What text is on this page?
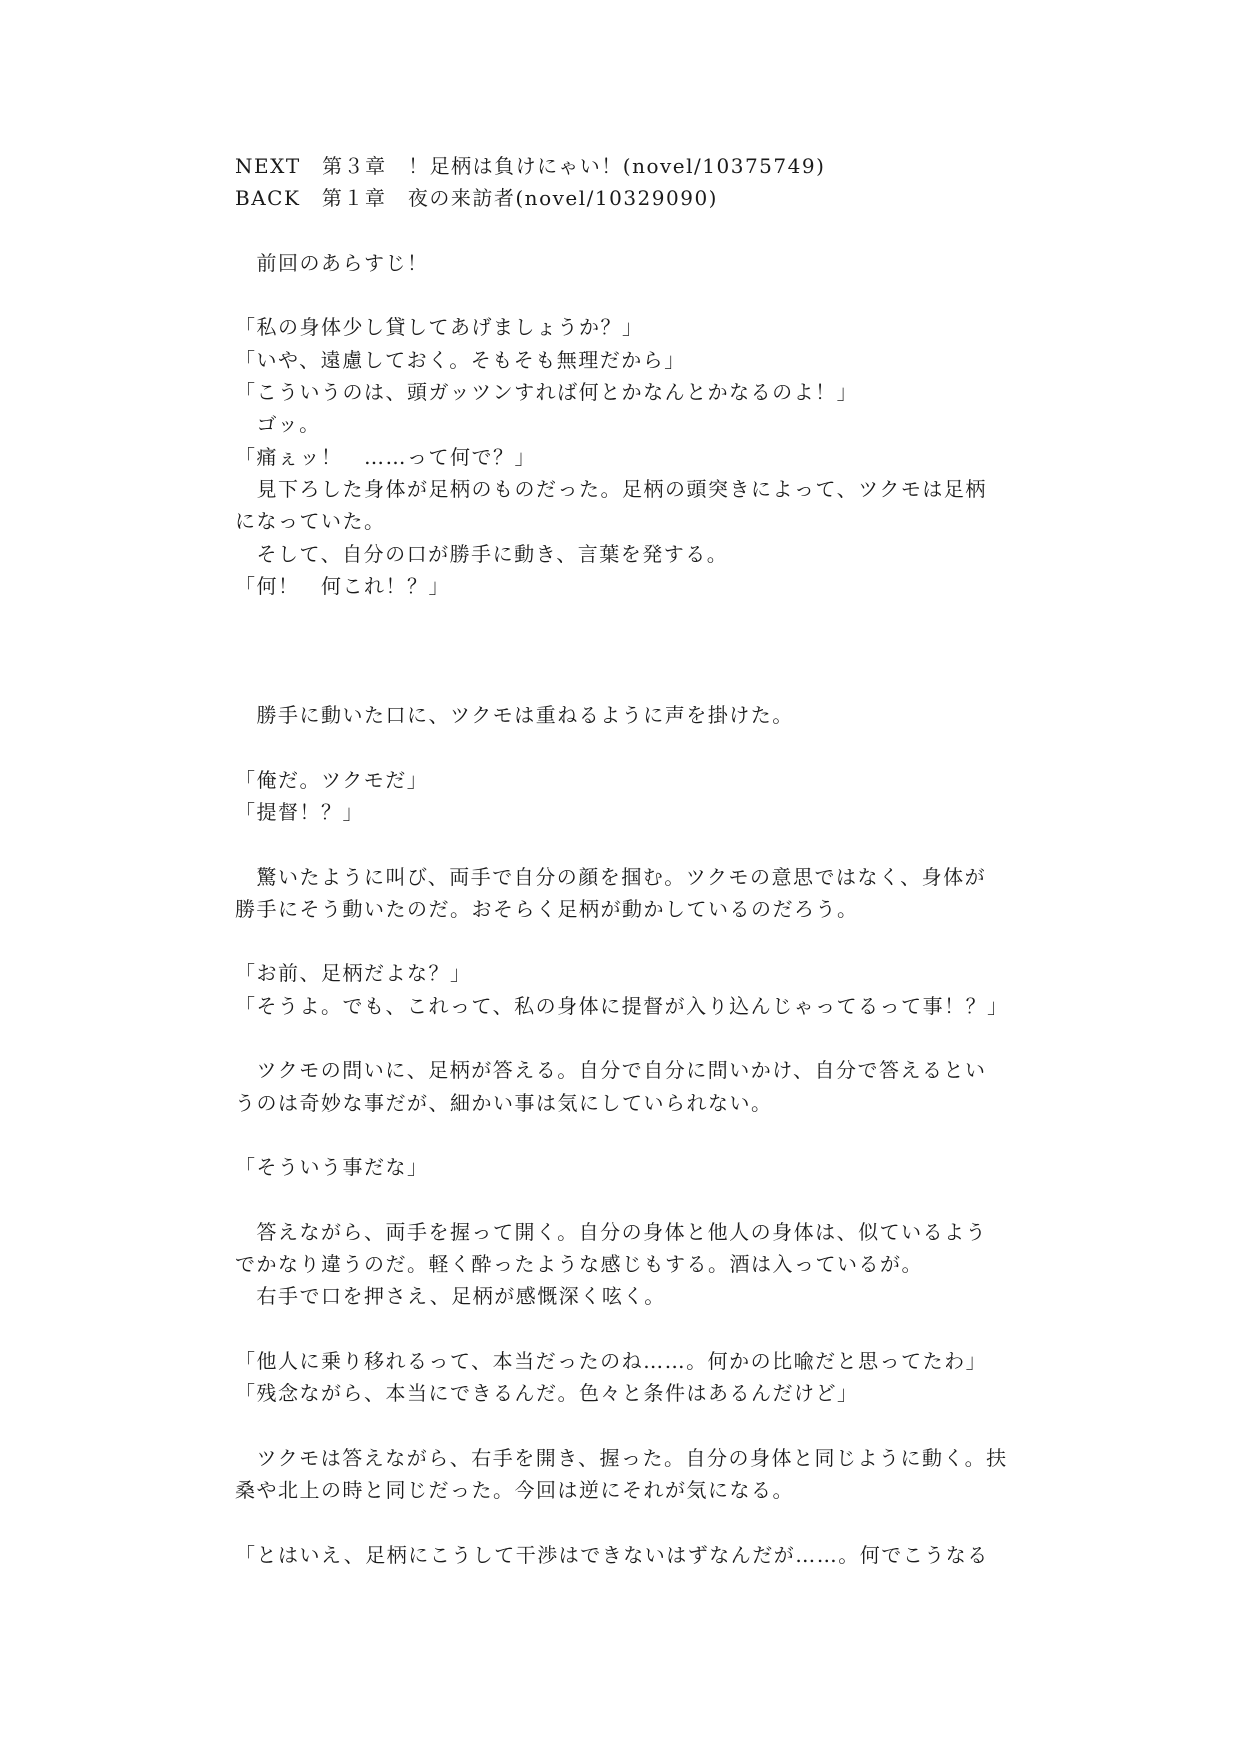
NEXT　第３章　！足柄は負けにゃい！(novel/10375749)
BACK　第１章　夜の来訪者(novel/10329090)
　前回のあらすじ！
「私の身体少し貸してあげましょうか？」
「いや、遠慮しておく。そもそも無理だから」
「こういうのは、頭ガッツンすれば何とかなんとかなるのよ！」
　ゴッ。
「痛ぇッ！　……って何で？」
　見下ろした身体が足柄のものだった。足柄の頭突きによって、ツクモは足柄
になっていた。
　そして、自分の口が勝手に動き、言葉を発する。
「何！　何これ！？」
　勝手に動いた口に、ツクモは重ねるように声を掛けた。
「俺だ。ツクモだ」
「提督！？」
　驚いたように叫び、両手で自分の顔を掴む。ツクモの意思ではなく、身体が
勝手にそう動いたのだ。おそらく足柄が動かしているのだろう。
「お前、足柄だよな？」
「そうよ。でも、これって、私の身体に提督が入り込んじゃってるって事！？」
　ツクモの問いに、足柄が答える。自分で自分に問いかけ、自分で答えるとい
うのは奇妙な事だが、細かい事は気にしていられない。
「そういう事だな」
　答えながら、両手を握って開く。自分の身体と他人の身体は、似ているよう
でかなり違うのだ。軽く酔ったような感じもする。酒は入っているが。
　右手で口を押さえ、足柄が感慨深く呟く。
「他人に乗り移れるって、本当だったのね……。何かの比喩だと思ってたわ」
「残念ながら、本当にできるんだ。色々と条件はあるんだけど」
　ツクモは答えながら、右手を開き、握った。自分の身体と同じように動く。扶
桑や北上の時と同じだった。今回は逆にそれが気になる。
「とはいえ、足柄にこうして干渉はできないはずなんだが……。何でこうなる
